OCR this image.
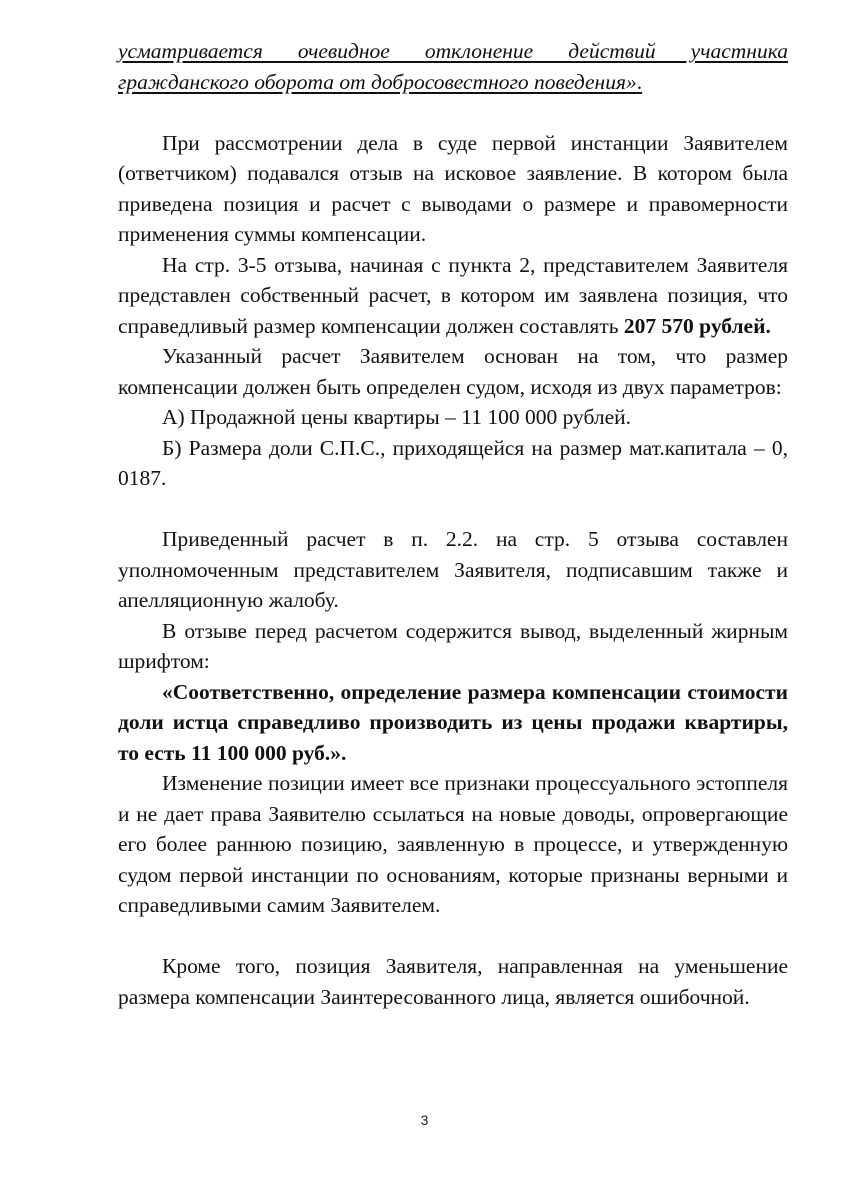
усматривается очевидное отклонение действий участника гражданского оборота от добросовестного поведения».

При рассмотрении дела в суде первой инстанции Заявителем (ответчиком) подавался отзыв на исковое заявление. В котором была приведена позиция и расчет с выводами о размере и правомерности применения суммы компенсации.

На стр. 3-5 отзыва, начиная с пункта 2, представителем Заявителя представлен собственный расчет, в котором им заявлена позиция, что справедливый размер компенсации должен составлять 207 570 рублей.

Указанный расчет Заявителем основан на том, что размер компенсации должен быть определен судом, исходя из двух параметров:

А) Продажной цены квартиры – 11 100 000 рублей.

Б) Размера доли С.П.С., приходящейся на размер мат.капитала – 0, 0187.

Приведенный расчет в п. 2.2. на стр. 5 отзыва составлен уполномоченным представителем Заявителя, подписавшим также и апелляционную жалобу.

В отзыве перед расчетом содержится вывод, выделенный жирным шрифтом:

«Соответственно, определение размера компенсации стоимости доли истца справедливо производить из цены продажи квартиры, то есть 11 100 000 руб.».

Изменение позиции имеет все признаки процессуального эстоппеля и не дает права Заявителю ссылаться на новые доводы, опровергающие его более раннюю позицию, заявленную в процессе, и утвержденную судом первой инстанции по основаниям, которые признаны верными и справедливыми самим Заявителем.

Кроме того, позиция Заявителя, направленная на уменьшение размера компенсации Заинтересованного лица, является ошибочной.

3
